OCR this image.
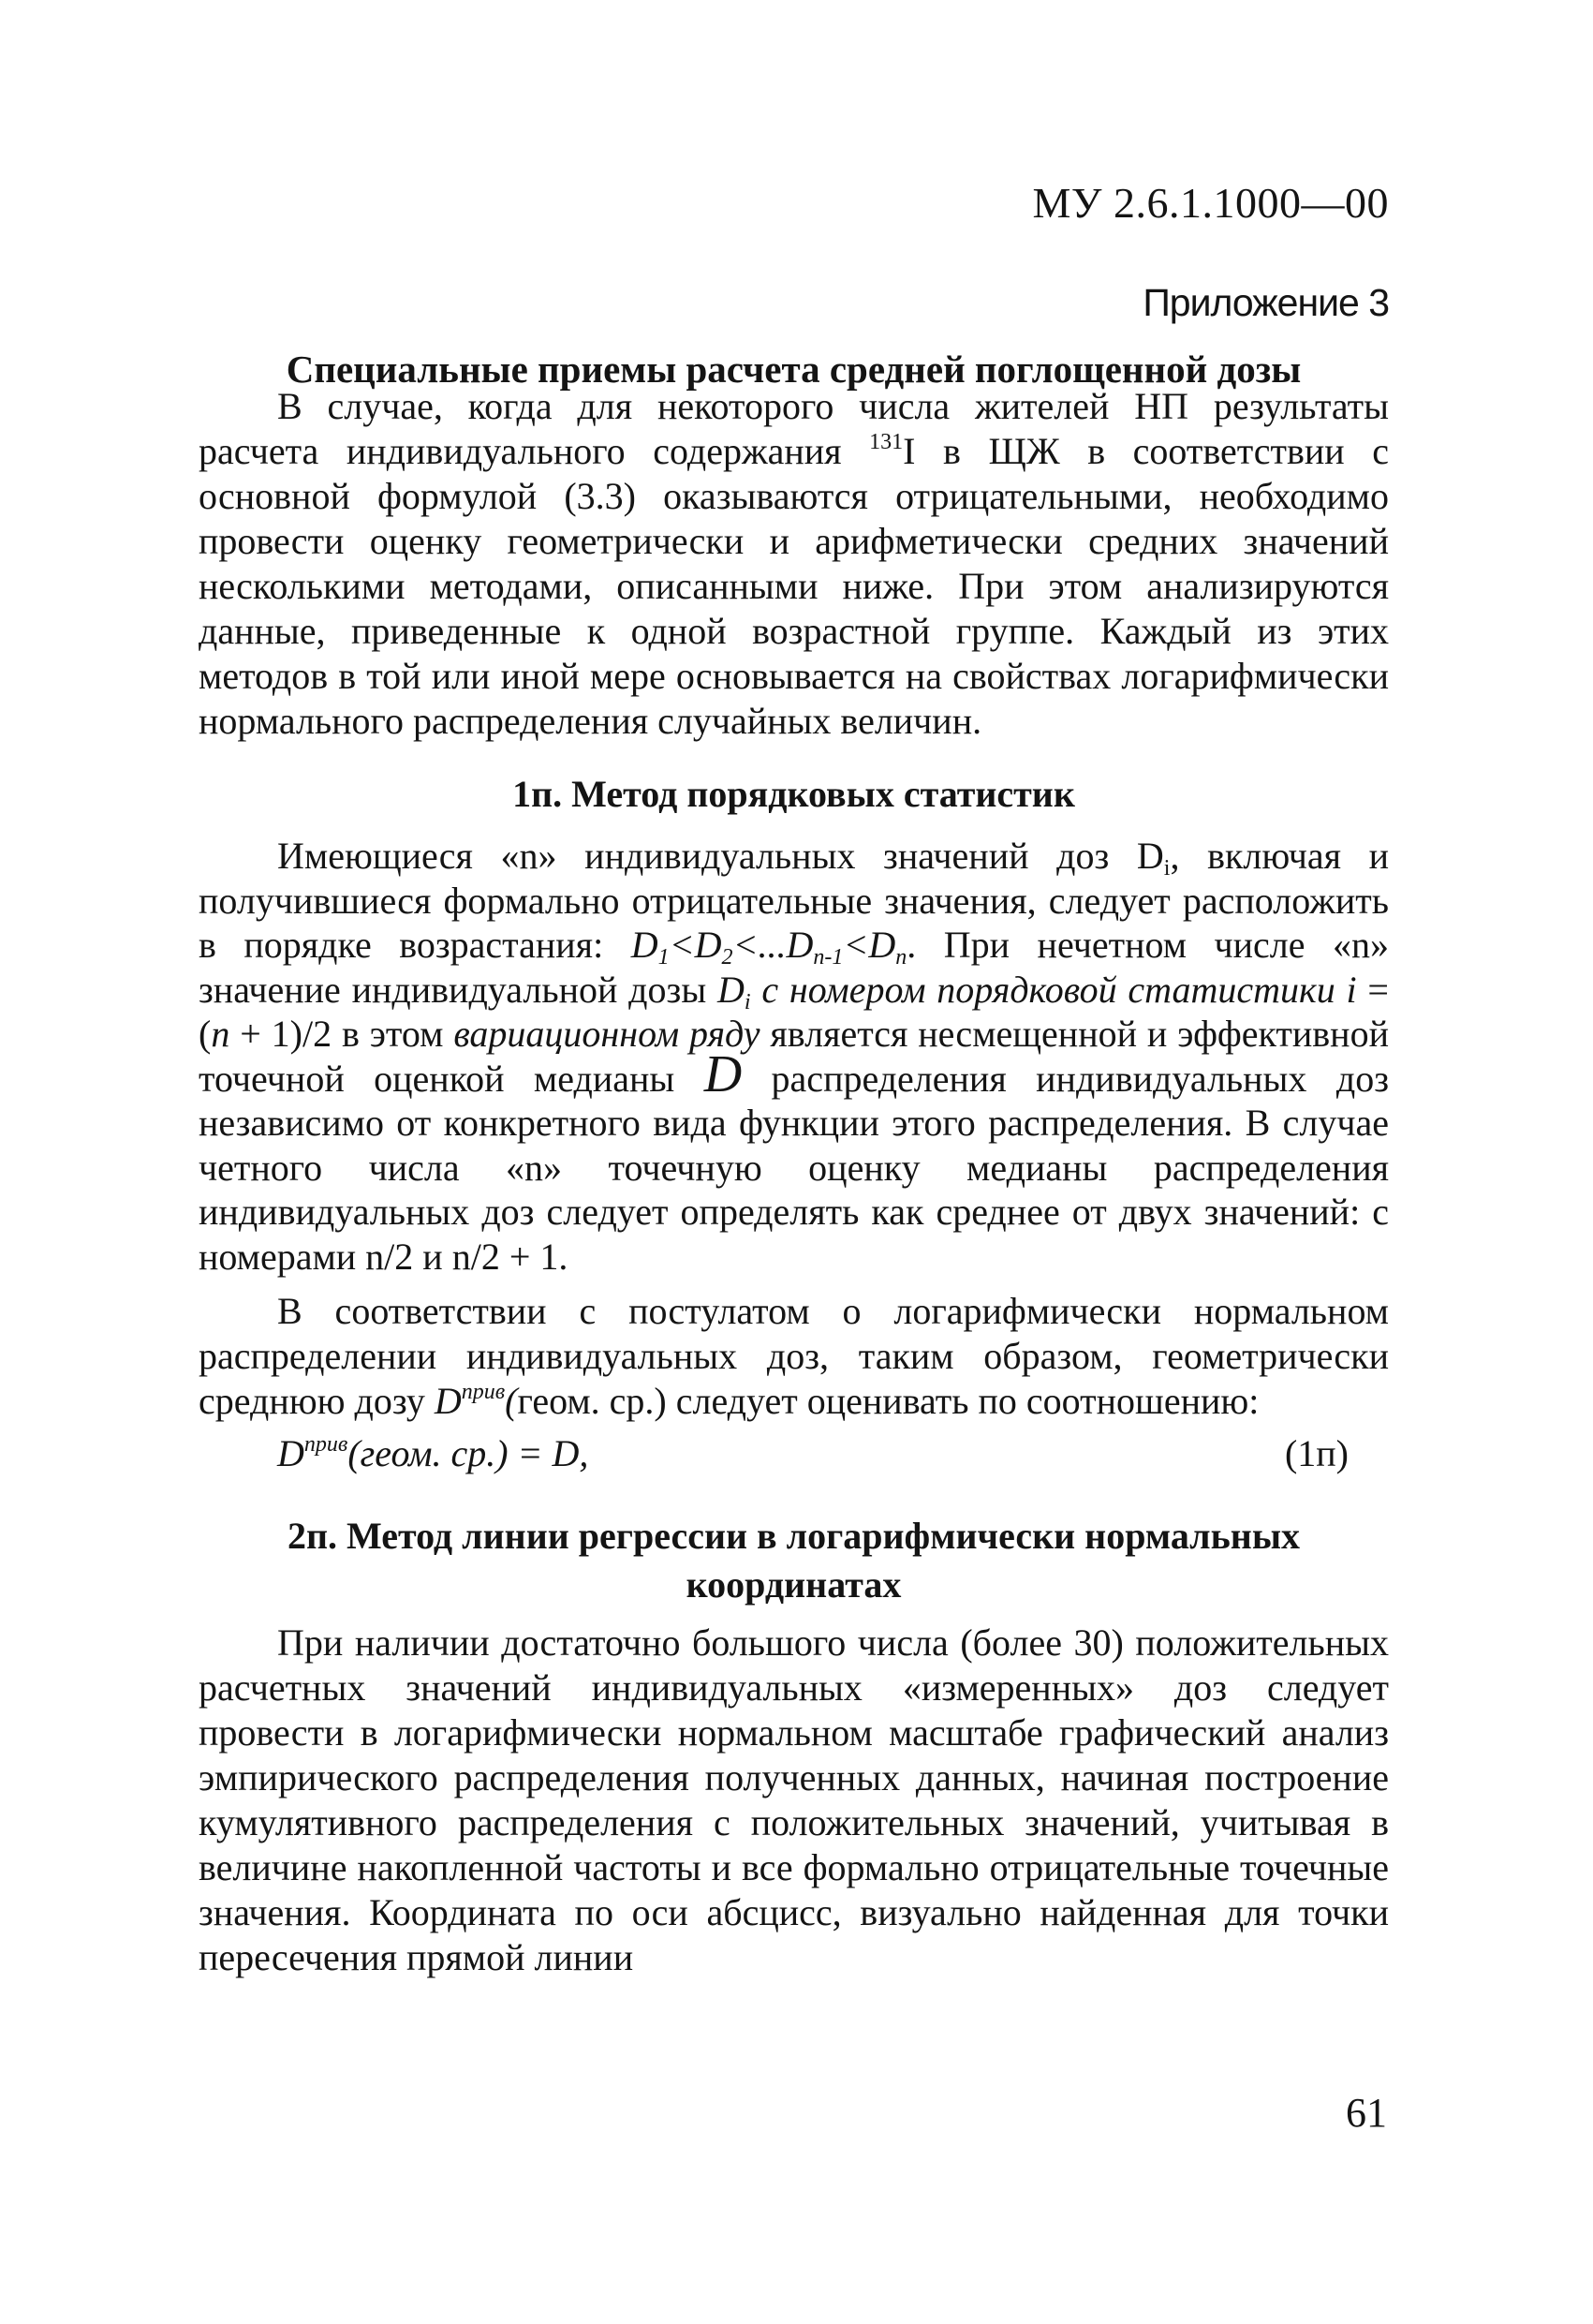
МУ 2.6.1.1000—00
Приложение 3
Специальные приемы расчета средней поглощенной дозы

В случае, когда для некоторого числа жителей НП результаты расчета индивидуального содержания $^{131}$I в ЩЖ в соответствии с основной формулой (3.3) оказываются отрицательными, необходимо провести оценку геометрически и арифметически средних значений несколькими методами, описанными ниже. При этом анализируются данные, приведенные к одной возрастной группе. Каждый из этих методов в той или иной мере основывается на свойствах логарифмически нормального распределения случайных величин.

1п. Метод порядковых статистик

Имеющиеся «n» индивидуальных значений доз $D_i$, включая и получившиеся формально отрицательные значения, следует расположить в порядке возрастания: $D_1<D_2<...D_{n-1}<D_n$. При нечетном числе «n» значение индивидуальной дозы $D_i$ с номером порядковой статистики i = (n + 1)/2 в этом вариационном ряду является несмещенной и эффективной точечной оценкой медианы D распределения индивидуальных доз независимо от конкретного вида функции этого распределения. В случае четного числа «n» точечную оценку медианы распределения индивидуальных доз следует определять как среднее от двух значений: с номерами n/2 и n/2 + 1.

В соответствии с постулатом о логарифмически нормальном распределении индивидуальных доз, таким образом, геометрически среднюю дозу $D^{прив}(геом$. ср.) следует оценивать по соотношению:

$D^{прив}(геом$. ср.) = D,	(1п)
2п. Метод линии регрессии в логарифмически нормальных
координатах

При наличии достаточно большого числа (более 30) положительных расчетных значений индивидуальных «измеренных» доз следует провести в логарифмически нормальном масштабе графический анализ эмпирического распределения полученных данных, начиная построение кумулятивного распределения с положительных значений, учитывая в величине накопленной частоты и все формально отрицательные точечные значения. Координата по оси абсцисс, визуально найденная для точки пересечения прямой линии

61
